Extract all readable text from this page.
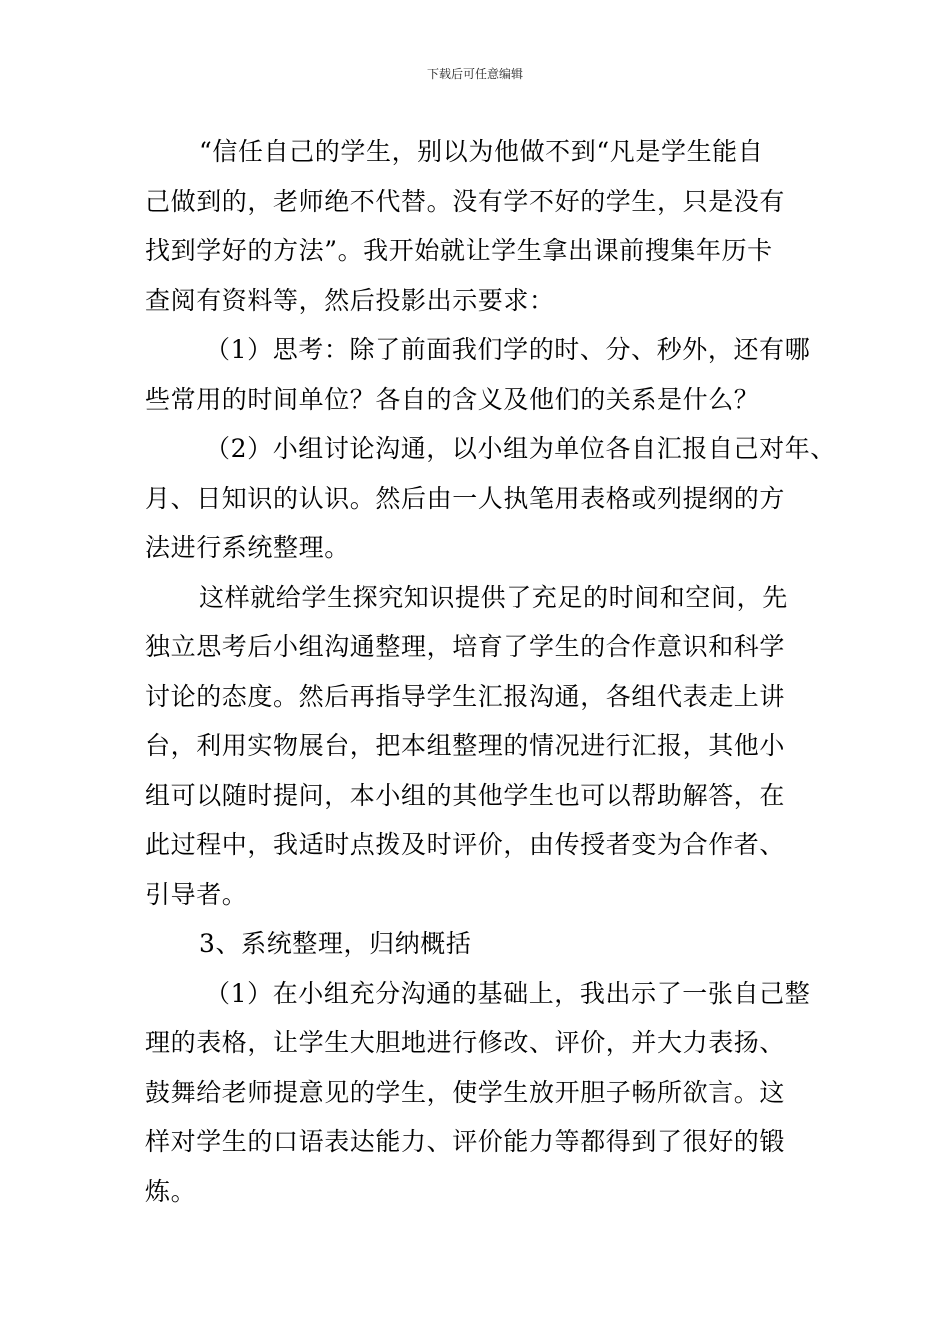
下载后可任意编辑

“信任自己的学生，别以为他做不到“凡是学生能自
己做到的，老师绝不代替。没有学不好的学生，只是没有
找到学好的方法”。我开始就让学生拿出课前搜集年历卡
查阅有资料等，然后投影出示要求：

（1）思考：除了前面我们学的时、分、秒外，还有哪
些常用的时间单位？各自的含义及他们的关系是什么？

（2）小组讨论沟通，以小组为单位各自汇报自己对年、
月、日知识的认识。然后由一人执笔用表格或列提纲的方
法进行系统整理。

这样就给学生探究知识提供了充足的时间和空间，先
独立思考后小组沟通整理，培育了学生的合作意识和科学
讨论的态度。然后再指导学生汇报沟通，各组代表走上讲
台，利用实物展台，把本组整理的情况进行汇报，其他小
组可以随时提问，本小组的其他学生也可以帮助解答，在
此过程中，我适时点拨及时评价，由传授者变为合作者、
引导者。

3、系统整理，归纳概括

（1）在小组充分沟通的基础上，我出示了一张自己整
理的表格，让学生大胆地进行修改、评价，并大力表扬、
鼓舞给老师提意见的学生，使学生放开胆子畅所欲言。这
样对学生的口语表达能力、评价能力等都得到了很好的锻
炼。
